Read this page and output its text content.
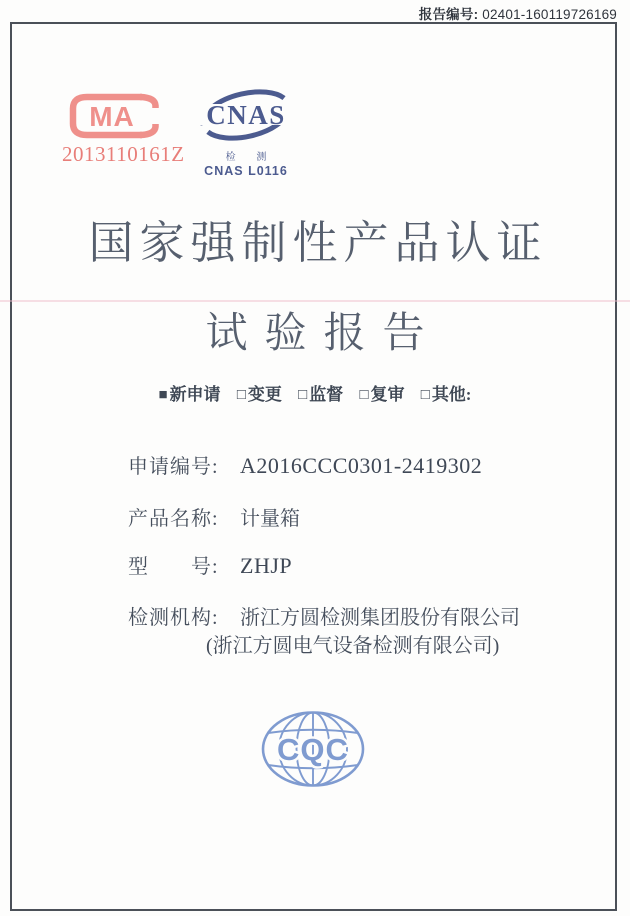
报告编号: 02401-160119726169
MA
2013110161Z
CNAS
检 测
CNAS L0116
国家强制性产品认证
试验报告
■ 新申请 □ 变更 □ 监督 □ 复审 □ 其他:
申请编号: A2016CCC0301-2419302
产品名称:	计量箱
型　　号: ZHJP
检测机构:	浙江方圆检测集团股份有限公司
(浙江方圆电气设备检测有限公司)
CQC
